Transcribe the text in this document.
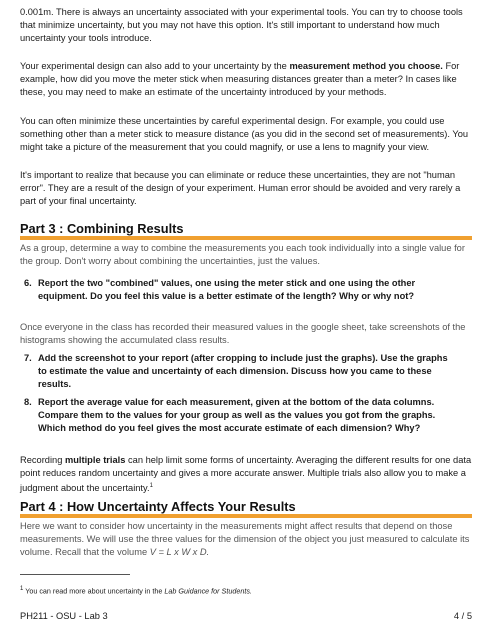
0.001m. There is always an uncertainty associated with your experimental tools. You can try to choose tools that minimize uncertainty, but you may not have this option. It's still important to understand how much uncertainty your tools introduce.

Your experimental design can also add to your uncertainty by the measurement method you choose. For example, how did you move the meter stick when measuring distances greater than a meter? In cases like these, you may need to make an estimate of the uncertainty introduced by your methods.

You can often minimize these uncertainties by careful experimental design. For example, you could use something other than a meter stick to measure distance (as you did in the second set of measurements). You might take a picture of the measurement that you could magnify, or use a lens to magnify your view.

It's important to realize that because you can eliminate or reduce these uncertainties, they are not "human error". They are a result of the design of your experiment. Human error should be avoided and very rarely a part of your final uncertainty.

Part 3 : Combining Results

As a group, determine a way to combine the measurements you each took individually into a single value for the group. Don't worry about combining the uncertainties, just the values.

6. Report the two "combined" values, one using the meter stick and one using the other equipment. Do you feel this value is a better estimate of the length? Why or why not?

Once everyone in the class has recorded their measured values in the google sheet, take screenshots of the histograms showing the accumulated class results.

7. Add the screenshot to your report (after cropping to include just the graphs). Use the graphs to estimate the value and uncertainty of each dimension. Discuss how you came to these results.
8. Report the average value for each measurement, given at the bottom of the data columns. Compare them to the values for your group as well as the values you got from the graphs. Which method do you feel gives the most accurate estimate of each dimension? Why?

Recording multiple trials can help limit some forms of uncertainty. Averaging the different results for one data point reduces random uncertainty and gives a more accurate answer. Multiple trials also allow you to make a judgment about the uncertainty.$^1$

Part 4 : How Uncertainty Affects Your Results

Here we want to consider how uncertainty in the measurements might affect results that depend on those measurements. We will use the three values for the dimension of the object you just measured to calculate its volume. Recall that the volume V = L x W x D.

$^1$ You can read more about uncertainty in the Lab Guidance for Students.

PH211 - OSU - Lab 3	4 / 5
